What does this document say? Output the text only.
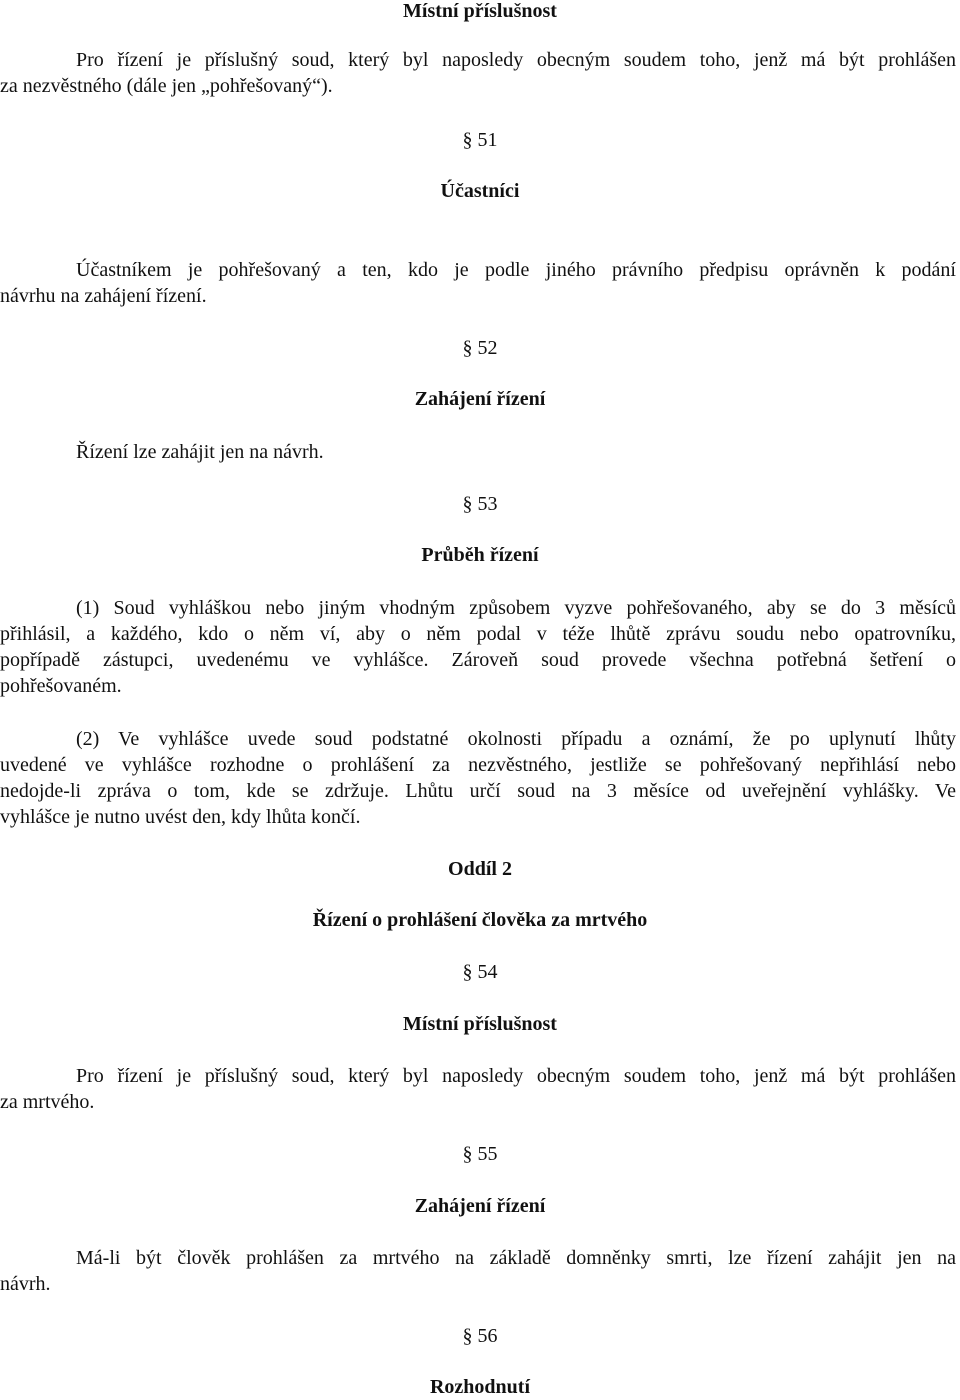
Místní příslušnost
Pro řízení je příslušný soud, který byl naposledy obecným soudem toho, jenž má být prohlášen
za nezvěstného (dále jen „pohřešovaný“).
§ 51
Účastníci
Účastníkem je pohřešovaný a ten, kdo je podle jiného právního předpisu oprávněn k podání
návrhu na zahájení řízení.
§ 52
Zahájení řízení
Řízení lze zahájit jen na návrh.
§ 53
Průběh řízení
(1) Soud vyhláškou nebo jiným vhodným způsobem vyzve pohřešovaného, aby se do 3 měsíců
přihlásil, a každého, kdo o něm ví, aby o něm podal v téže lhůtě zprávu soudu nebo opatrovníku,
popřípadě zástupci, uvedenému ve vyhlášce. Zároveň soud provede všechna potřebná šetření o
pohřešovaném.
(2) Ve vyhlášce uvede soud podstatné okolnosti případu a oznámí, že po uplynutí lhůty
uvedené ve vyhlášce rozhodne o prohlášení za nezvěstného, jestliže se pohřešovaný nepřihlásí nebo
nedojde-li zpráva o tom, kde se zdržuje. Lhůtu určí soud na 3 měsíce od uveřejnění vyhlášky. Ve
vyhlášce je nutno uvést den, kdy lhůta končí.
Oddíl 2
Řízení o prohlášení člověka za mrtvého
§ 54
Místní příslušnost
Pro řízení je příslušný soud, který byl naposledy obecným soudem toho, jenž má být prohlášen
za mrtvého.
§ 55
Zahájení řízení
Má-li být člověk prohlášen za mrtvého na základě domněnky smrti, lze řízení zahájit jen na
návrh.
§ 56
Rozhodnutí
